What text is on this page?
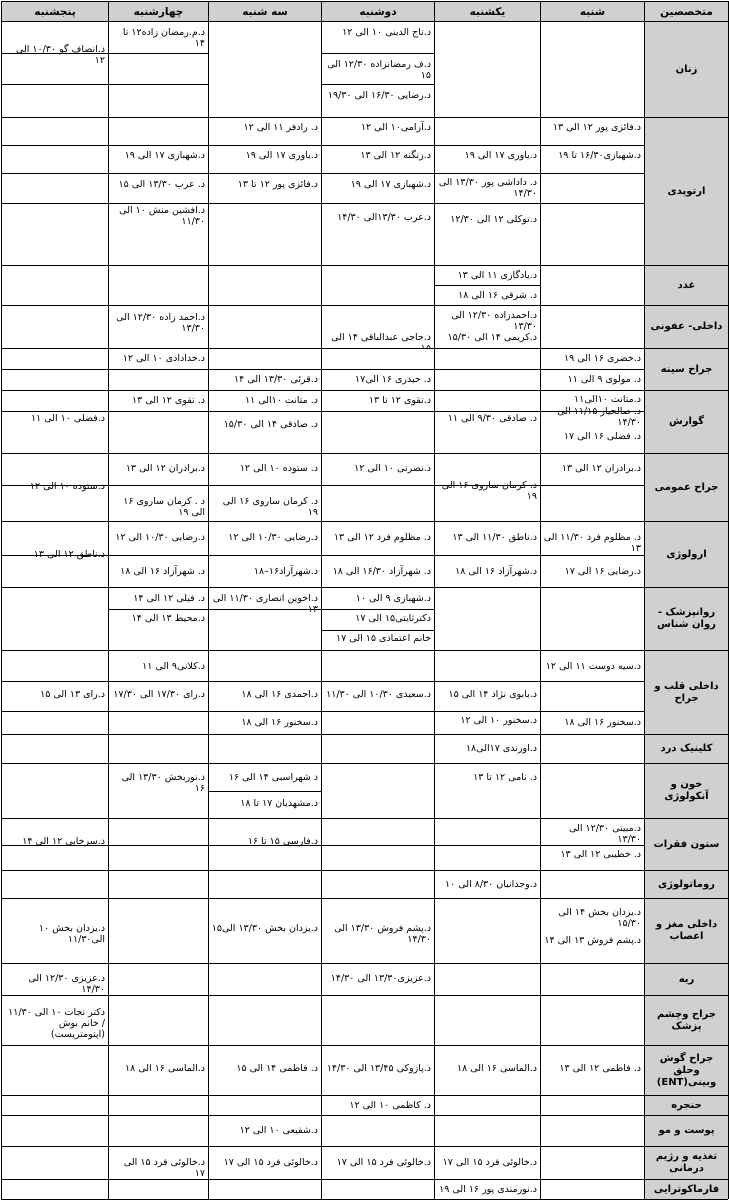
متخصصین
شنبه
یکشنبه
دوشنبه
سه شنبه
چهارشنبه
پنجشنبه
زنان
د.تاج الدینی ۱۰ الی ۱۲
د.ف رمضانزاده ۱۲/۳۰ الی ۱۵
د.رضایی ۱۶/۳۰ الی ۱۹/۳۰
د.م.رمضان زاده۱۲ تا ۱۴
د.انصاف گو ۱۰/۳۰ الی ۱۲
ارتوپدی
د.فائزی پور ۱۲ الی ۱۳
د.شهبازی۱۶/۳۰ تا ۱۹
د.یاوری ۱۷ الی ۱۹
د. داداشی پور ۱۳/۳۰ الی ۱۴/۳۰
د.توکلی ۱۲ الی ۱۲/۳۰
د.آرامی۱۰ الی ۱۲
د.زنگنه ۱۲ الی ۱۳
د.شهبازی ۱۷ الی ۱۹
د.عرب ۱۳/۳۰الی ۱۴/۳۰
د. رادفر ۱۱ الی ۱۲
د.یاوری ۱۷ الی ۱۹
د.فائزی پور ۱۲ تا ۱۳
د.شهبازی ۱۷ الی ۱۹
د. عرب ۱۳/۳۰ الی ۱۵
د.افشین منش ۱۰ الی ۱۱/۳۰
غدد
د.یادگاری ۱۱ الی ۱۳
د. شرقی ۱۶ الی ۱۸
داخلی- عفونی
د.احمدزاده ۱۲/۳۰ الی ۱۳/۳۰
د.کریمی ۱۴ الی ۱۵/۳۰
د.حاجی عبدالباقی ۱۴ الی
د.احمد زاده ۱۲/۳۰ الی ۱۳/۳۰
جراح سینه
د.خضری ۱۶ الی ۱۹
د. مولوی ۹ الی ۱۱
د. حیدری ۱۶ الی۱۷
د.قرئی ۱۳/۳۰ الی ۱۴
د.خدادادی ۱۰ الی ۱۲
گوارش
د.متانت ۱۰الی۱۱
د. صالحیار ۱۱/۱۵ الی ۱۴/۳۰
د. فضلی ۱۶ الی ۱۷
د. صادقی ۹/۳۰ الی ۱۱
د.تقوی ۱۲ تا ۱۳
د. متانت ۱۰الی ۱۱
د. صادقی ۱۴ الی ۱۵/۳۰
د. تقوی ۱۲ الی ۱۳
د.فضلی ۱۰ الی ۱۱
جراح عمومی
د.برادران ۱۲ الی ۱۳
د. کرمان ساروی ۱۶ الی ۱۹
د.نصرتی ۱۰ الی ۱۲
د. ستوده ۱۰ الی ۱۲
د. کرمان ساروی ۱۶ الی ۱۹
د.برادران ۱۲ الی ۱۳
د . کرمان ساروی ۱۶ الی ۱۹
د.ستوده ۱۰ الی ۱۲
ارولوژی
د. مظلوم فرد ۱۱/۳۰ الی ۱۳
د.رضایی ۱۶ الی ۱۷
د.ناطق ۱۱/۳۰ الی ۱۳
د.شهرآزاد ۱۶ الی ۱۸
د. مظلوم فرد ۱۲ الی ۱۳
د. شهرآزاد ۱۶/۳۰ الی ۱۸
د.رضایی ۱۰/۳۰ الی ۱۲
د.شهرآزاد۱۶–۱۸
د.رضایی ۱۰/۳۰ الی ۱۲
د. شهرآزاد ۱۶ الی ۱۸
د.ناطق ۱۲ الی ۱۳
روانپزشک - روان شناس
د.شهبازی ۹ الی ۱۰
دکترثابتی۱۵ الی ۱۷
خانم اعتمادی ۱۵ الی ۱۷
د.اخوین انصاری ۱۱/۳۰ الی ۱۳
د. فیلی ۱۲ الی ۱۴
د.محیط ۱۳ الی ۱۴
داخلی قلب و جراح
د.سیه دوست ۱۱ الی ۱۲
د.سخنور ۱۶ الی ۱۸
د.بابوی نژاد ۱۴ الی ۱۵
د.سخنور ۱۰ الی ۱۲
د.سعیدی ۱۰/۳۰ الی ۱۱/۳۰
د.احمدی ۱۶ الی ۱۸
د.سخنور ۱۶ الی ۱۸
د.کلانی۹ الی ۱۱
د.رای ۱۷/۳۰ الی ۱۷/۳۰
د.رای ۱۳ الی ۱۵
کلینیک درد
د.اورندی ۱۷الی۱۸
خون و آنکولوژی
د. نامی ۱۲ تا ۱۳
د شهراسبی ۱۴ الی ۱۶
د.مشهدیان ۱۷ تا ۱۸
د.نوربخش ۱۳/۳۰ الی ۱۶
ستون فقرات
د.مبینی ۱۲/۳۰ الی ۱۳/۳۰
د. خطیبی ۱۲ الی ۱۳
د.فارسی ۱۵ تا ۱۶
د.سرخابی ۱۲ الی ۱۴
روماتولوژی
د.وجدانیان ۸/۳۰ الی ۱۰
داخلی مغز و اعصاب
د.یزدان بخش ۱۴ الی ۱۵/۳۰
د.پشم فروش ۱۳ الی ۱۴
د.پشم فروش ۱۳/۳۰ الی ۱۴/۳۰
د.یزدان بخش ۱۳/۳۰ الی۱۵
د.یزدان بخش ۱۰ الی۱۱/۳۰
ریه
د.عزیزی۱۳/۳۰ الی ۱۴/۳۰
د.عزیزی ۱۲/۳۰ الی ۱۴/۳۰
جراح وچشم پزشک
دکتر نجات ۱۰ الی ۱۱/۳۰ / خانم بوش (اپتومتریست)
جراح گوش وحلق وبینی(ENT)
د. فاطمی ۱۲ الی ۱۳
د.الماسی ۱۶ الی ۱۸
د.پازوکی ۱۳/۴۵ الی ۱۴/۳۰
د. فاطمی ۱۴ الی ۱۵
د.الماسی ۱۶ الی ۱۸
حنجره
د. کاظمی ۱۰ الی ۱۲
پوست و مو
د.شفیعی ۱۰ الی ۱۲
تغذیه و رژیم درمانی
د.خالوئی فرد ۱۵ الی ۱۷
د.خالوئی فرد ۱۵ الی ۱۷
د.خالوئی فرد ۱۵ الی ۱۷
د.خالوئی فرد ۱۵ الی ۱۷
فارماکوترایی
د.نورمندی پور ۱۶ الی ۱۹
